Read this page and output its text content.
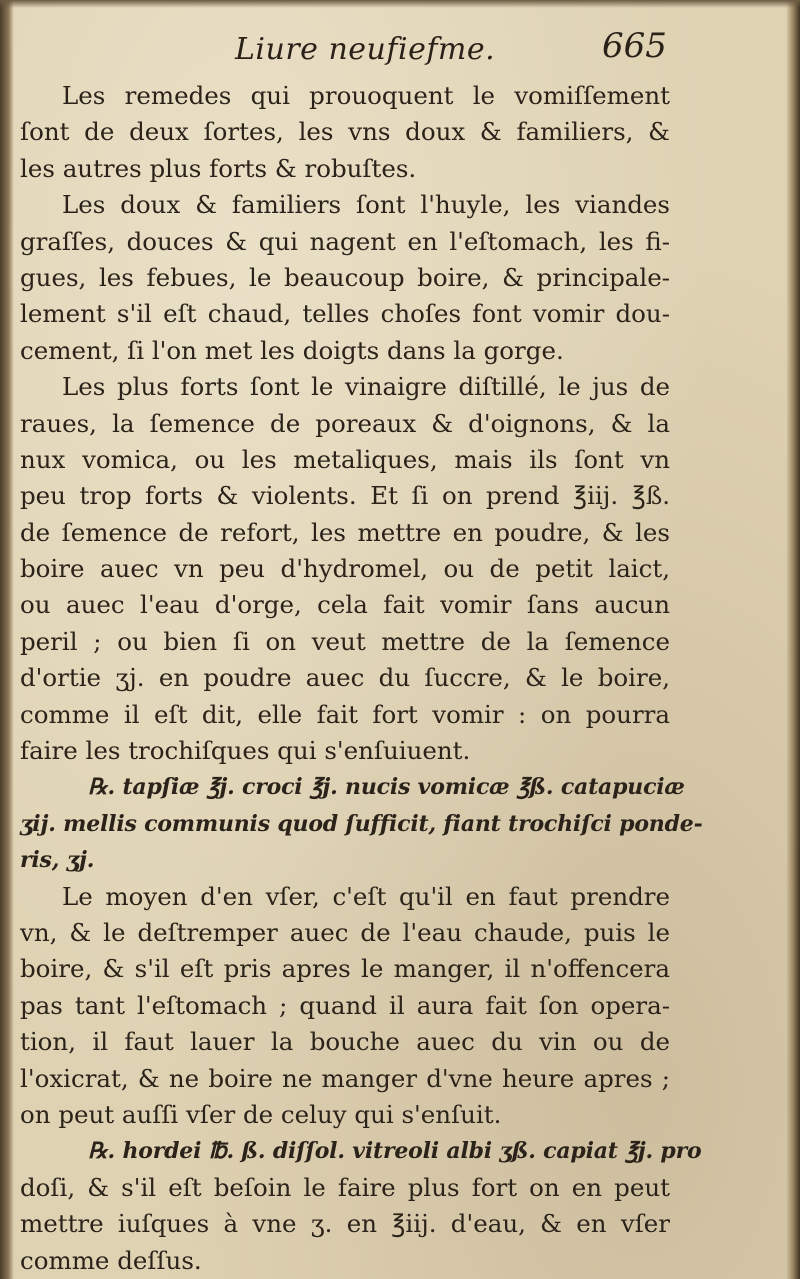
Liure neufiefme.	665
Les remedes qui prouoquent le vomiſſement
ſont de deux ſortes, les vns doux & familiers, &
les autres plus forts & robuſtes.
Les doux & familiers ſont l'huyle, les viandes
graſſes, douces & qui nagent en l'eſtomach, les fi-
gues, les febues, le beaucoup boire, & principale-
lement s'il eſt chaud, telles choſes font vomir dou-
cement, ſi l'on met les doigts dans la gorge.
Les plus forts ſont le vinaigre diſtillé, le jus de
raues, la ſemence de poreaux & d'oignons, & la
nux vomica, ou les metaliques, mais ils ſont vn
peu trop forts & violents. Et ſi on prend ℥iij. ℥ß.
de ſemence de refort, les mettre en poudre, & les
boire auec vn peu d'hydromel, ou de petit laict,
ou auec l'eau d'orge, cela fait vomir ſans aucun
peril ; ou bien ſi on veut mettre de la ſemence
d'ortie ʒj. en poudre auec du ſuccre, & le boire,
comme il eſt dit, elle fait fort vomir : on pourra
faire les trochiſques qui s'enſuiuent.
℞. tapſiæ ℥j. croci ℥j. nucis vomicæ ℥ß. catapuciæ
ʒij. mellis communis quod ſufficit, fiant trochiſci ponde-
ris, ʒj.
Le moyen d'en vſer, c'eſt qu'il en faut prendre
vn, & le deſtremper auec de l'eau chaude, puis le
boire, & s'il eſt pris apres le manger, il n'offencera
pas tant l'eſtomach ; quand il aura fait ſon opera-
tion, il faut lauer la bouche auec du vin ou de
l'oxicrat, & ne boire ne manger d'vne heure apres ;
on peut auſſi vſer de celuy qui s'enſuit.
℞. hordei ℔. ß. diſſol. vitreoli albi ʒß. capiat ℥j. pro
doſi, & s'il eſt beſoin le faire plus fort on en peut
mettre iuſques à vne ʒ. en ℥iij. d'eau, & en vſer
comme deſſus.
